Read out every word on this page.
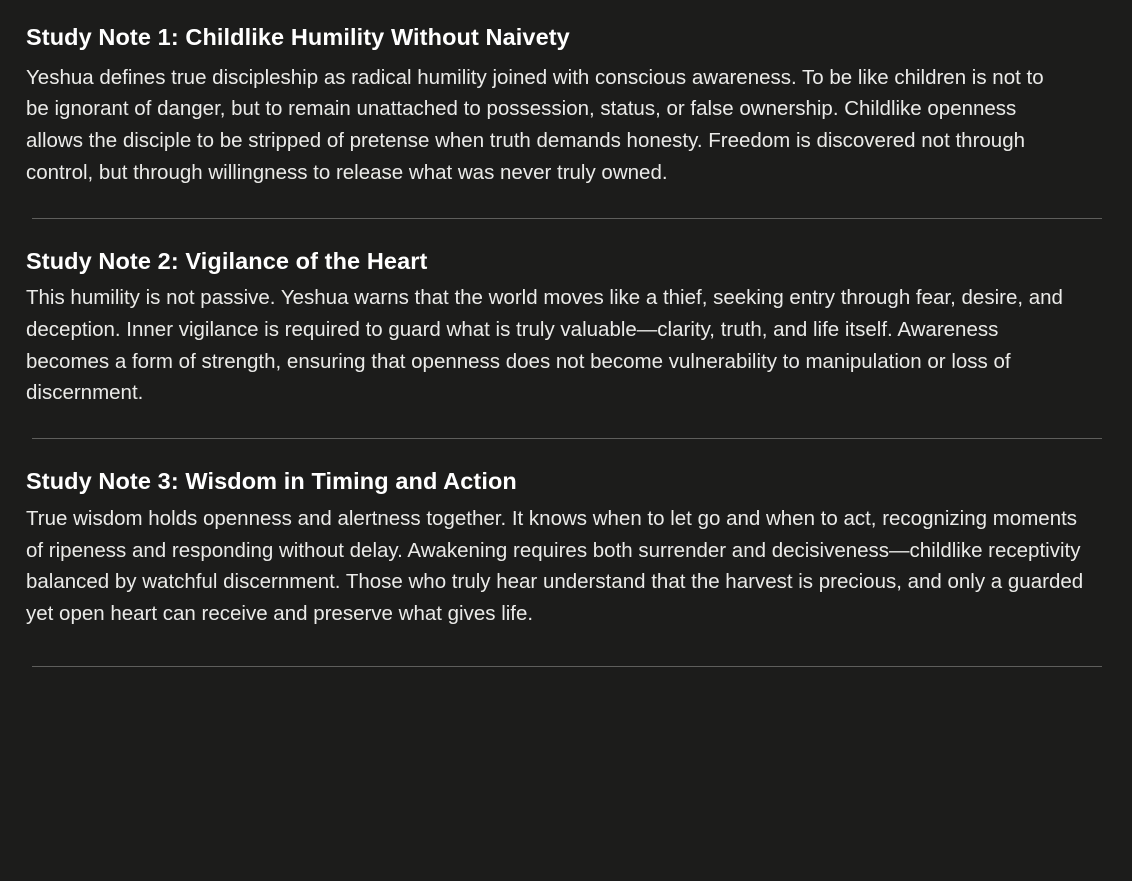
Study Note 1: Childlike Humility Without Naivety

Yeshua defines true discipleship as radical humility joined with conscious awareness. To be like children is not to be ignorant of danger, but to remain unattached to possession, status, or false ownership. Childlike openness allows the disciple to be stripped of pretense when truth demands honesty. Freedom is discovered not through control, but through willingness to release what was never truly owned.

Study Note 2: Vigilance of the Heart

This humility is not passive. Yeshua warns that the world moves like a thief, seeking entry through fear, desire, and deception. Inner vigilance is required to guard what is truly valuable—clarity, truth, and life itself. Awareness becomes a form of strength, ensuring that openness does not become vulnerability to manipulation or loss of discernment.

Study Note 3: Wisdom in Timing and Action

True wisdom holds openness and alertness together. It knows when to let go and when to act, recognizing moments of ripeness and responding without delay. Awakening requires both surrender and decisiveness—childlike receptivity balanced by watchful discernment. Those who truly hear understand that the harvest is precious, and only a guarded yet open heart can receive and preserve what gives life.
